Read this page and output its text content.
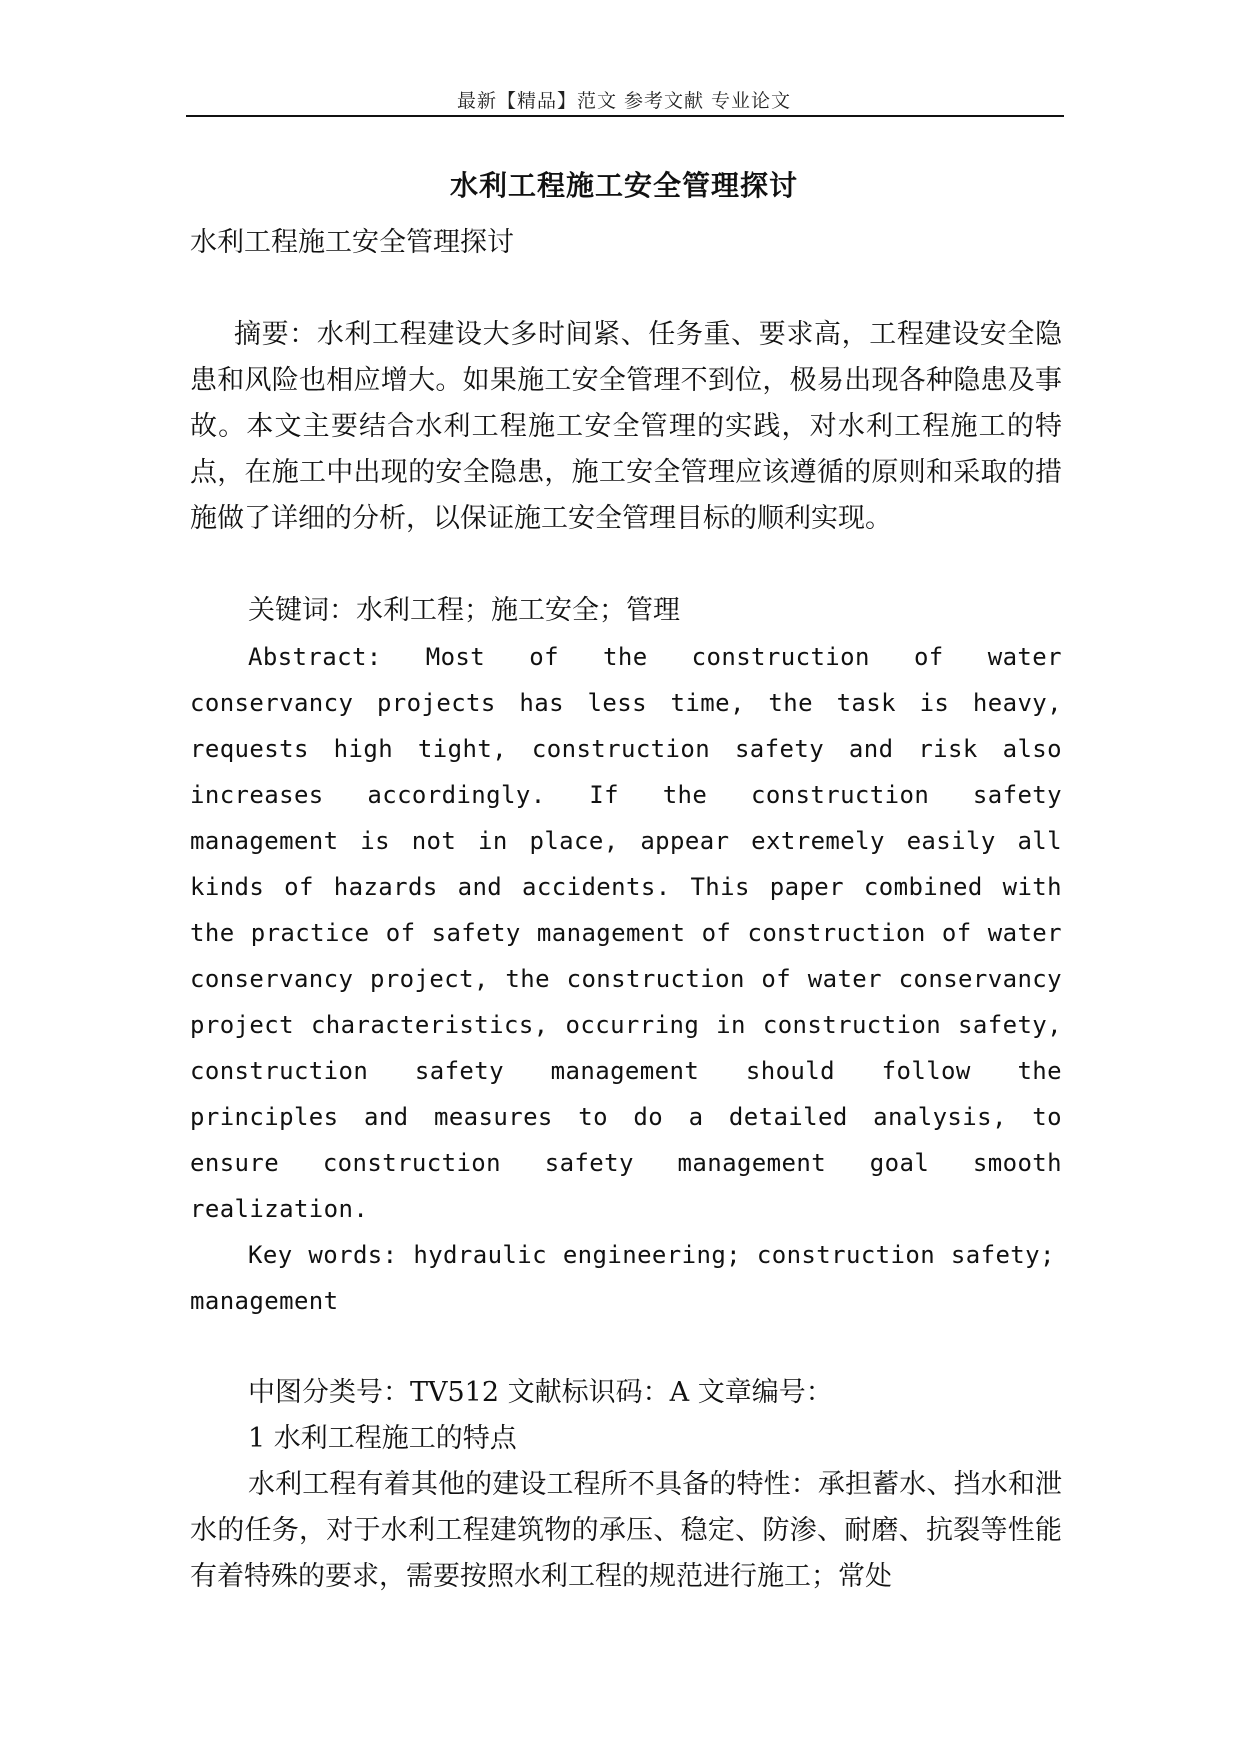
最新【精品】范文 参考文献 专业论文
水利工程施工安全管理探讨

水利工程施工安全管理探讨

摘要：水利工程建设大多时间紧、任务重、要求高，工程建设安全隐患和风险也相应增大。如果施工安全管理不到位，极易出现各种隐患及事故。本文主要结合水利工程施工安全管理的实践，对水利工程施工的特点，在施工中出现的安全隐患，施工安全管理应该遵循的原则和采取的措施做了详细的分析，以保证施工安全管理目标的顺利实现。

关键词：水利工程；施工安全；管理

Abstract: Most of the construction of water conservancy projects has less time, the task is heavy, requests high tight, construction safety and risk also increases accordingly. If the construction safety management is not in place, appear extremely easily all kinds of hazards and accidents. This paper combined with the practice of safety management of construction of water conservancy project, the construction of water conservancy project characteristics, occurring in construction safety, construction safety management should follow the principles and measures to do a detailed analysis, to ensure construction safety management goal smooth realization.

Key words: hydraulic engineering; construction safety; management

中图分类号：TV512 文献标识码：A 文章编号：

1 水利工程施工的特点

水利工程有着其他的建设工程所不具备的特性：承担蓄水、挡水和泄水的任务，对于水利工程建筑物的承压、稳定、防渗、耐磨、抗裂等性能有着特殊的要求，需要按照水利工程的规范进行施工；常处
